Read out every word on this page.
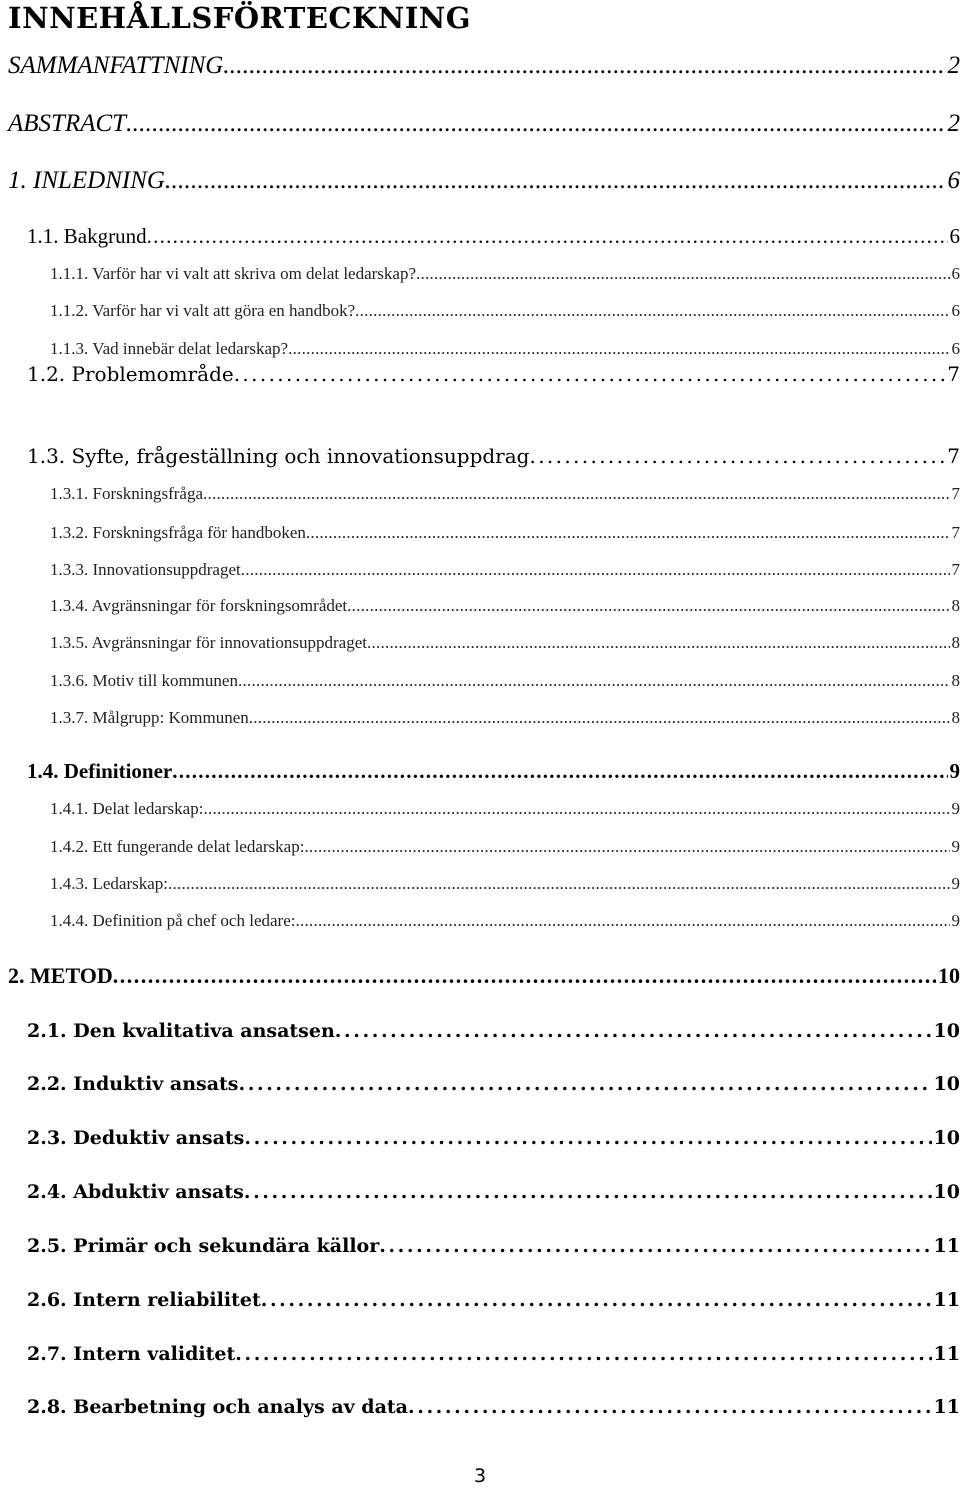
INNEHÅLLSFÖRTECKNING
SAMMANFATTNING . . .	2
ABSTRACT . . .	2
1. INLEDNING . . .	6
1.1. Bakgrund . . .	6
1.1.1. Varför har vi valt att skriva om delat ledarskap? . . .	6
1.1.2. Varför har vi valt att göra en handbok? . . .	6
1.1.3. Vad innebär delat ledarskap? . . .	6
1.2. Problemområde . . .	7
1.3. Syfte, frågeställning och innovationsuppdrag . . .	7
1.3.1. Forskningsfråga . . .	7
1.3.2. Forskningsfråga för handboken . . .	7
1.3.3. Innovationsuppdraget . . .	7
1.3.4. Avgränsningar för forskningsområdet . . .	8
1.3.5. Avgränsningar för innovationsuppdraget . . .	8
1.3.6. Motiv till kommunen . . .	8
1.3.7. Målgrupp: Kommunen . . .	8
1.4. Definitioner . . .	9
1.4.1. Delat ledarskap: . . .	9
1.4.2. Ett fungerande delat ledarskap: . . .	9
1.4.3. Ledarskap: . . .	9
1.4.4. Definition på chef och ledare: . . .	9
2. METOD . . .	10
2.1. Den kvalitativa ansatsen . . .	10
2.2. Induktiv ansats . . .	10
2.3. Deduktiv ansats . . .	10
2.4. Abduktiv ansats . . .	10
2.5. Primär och sekundära källor . . .	11
2.6. Intern reliabilitet . . .	11
2.7. Intern validitet . . .	11
2.8. Bearbetning och analys av data . . .	11
3
